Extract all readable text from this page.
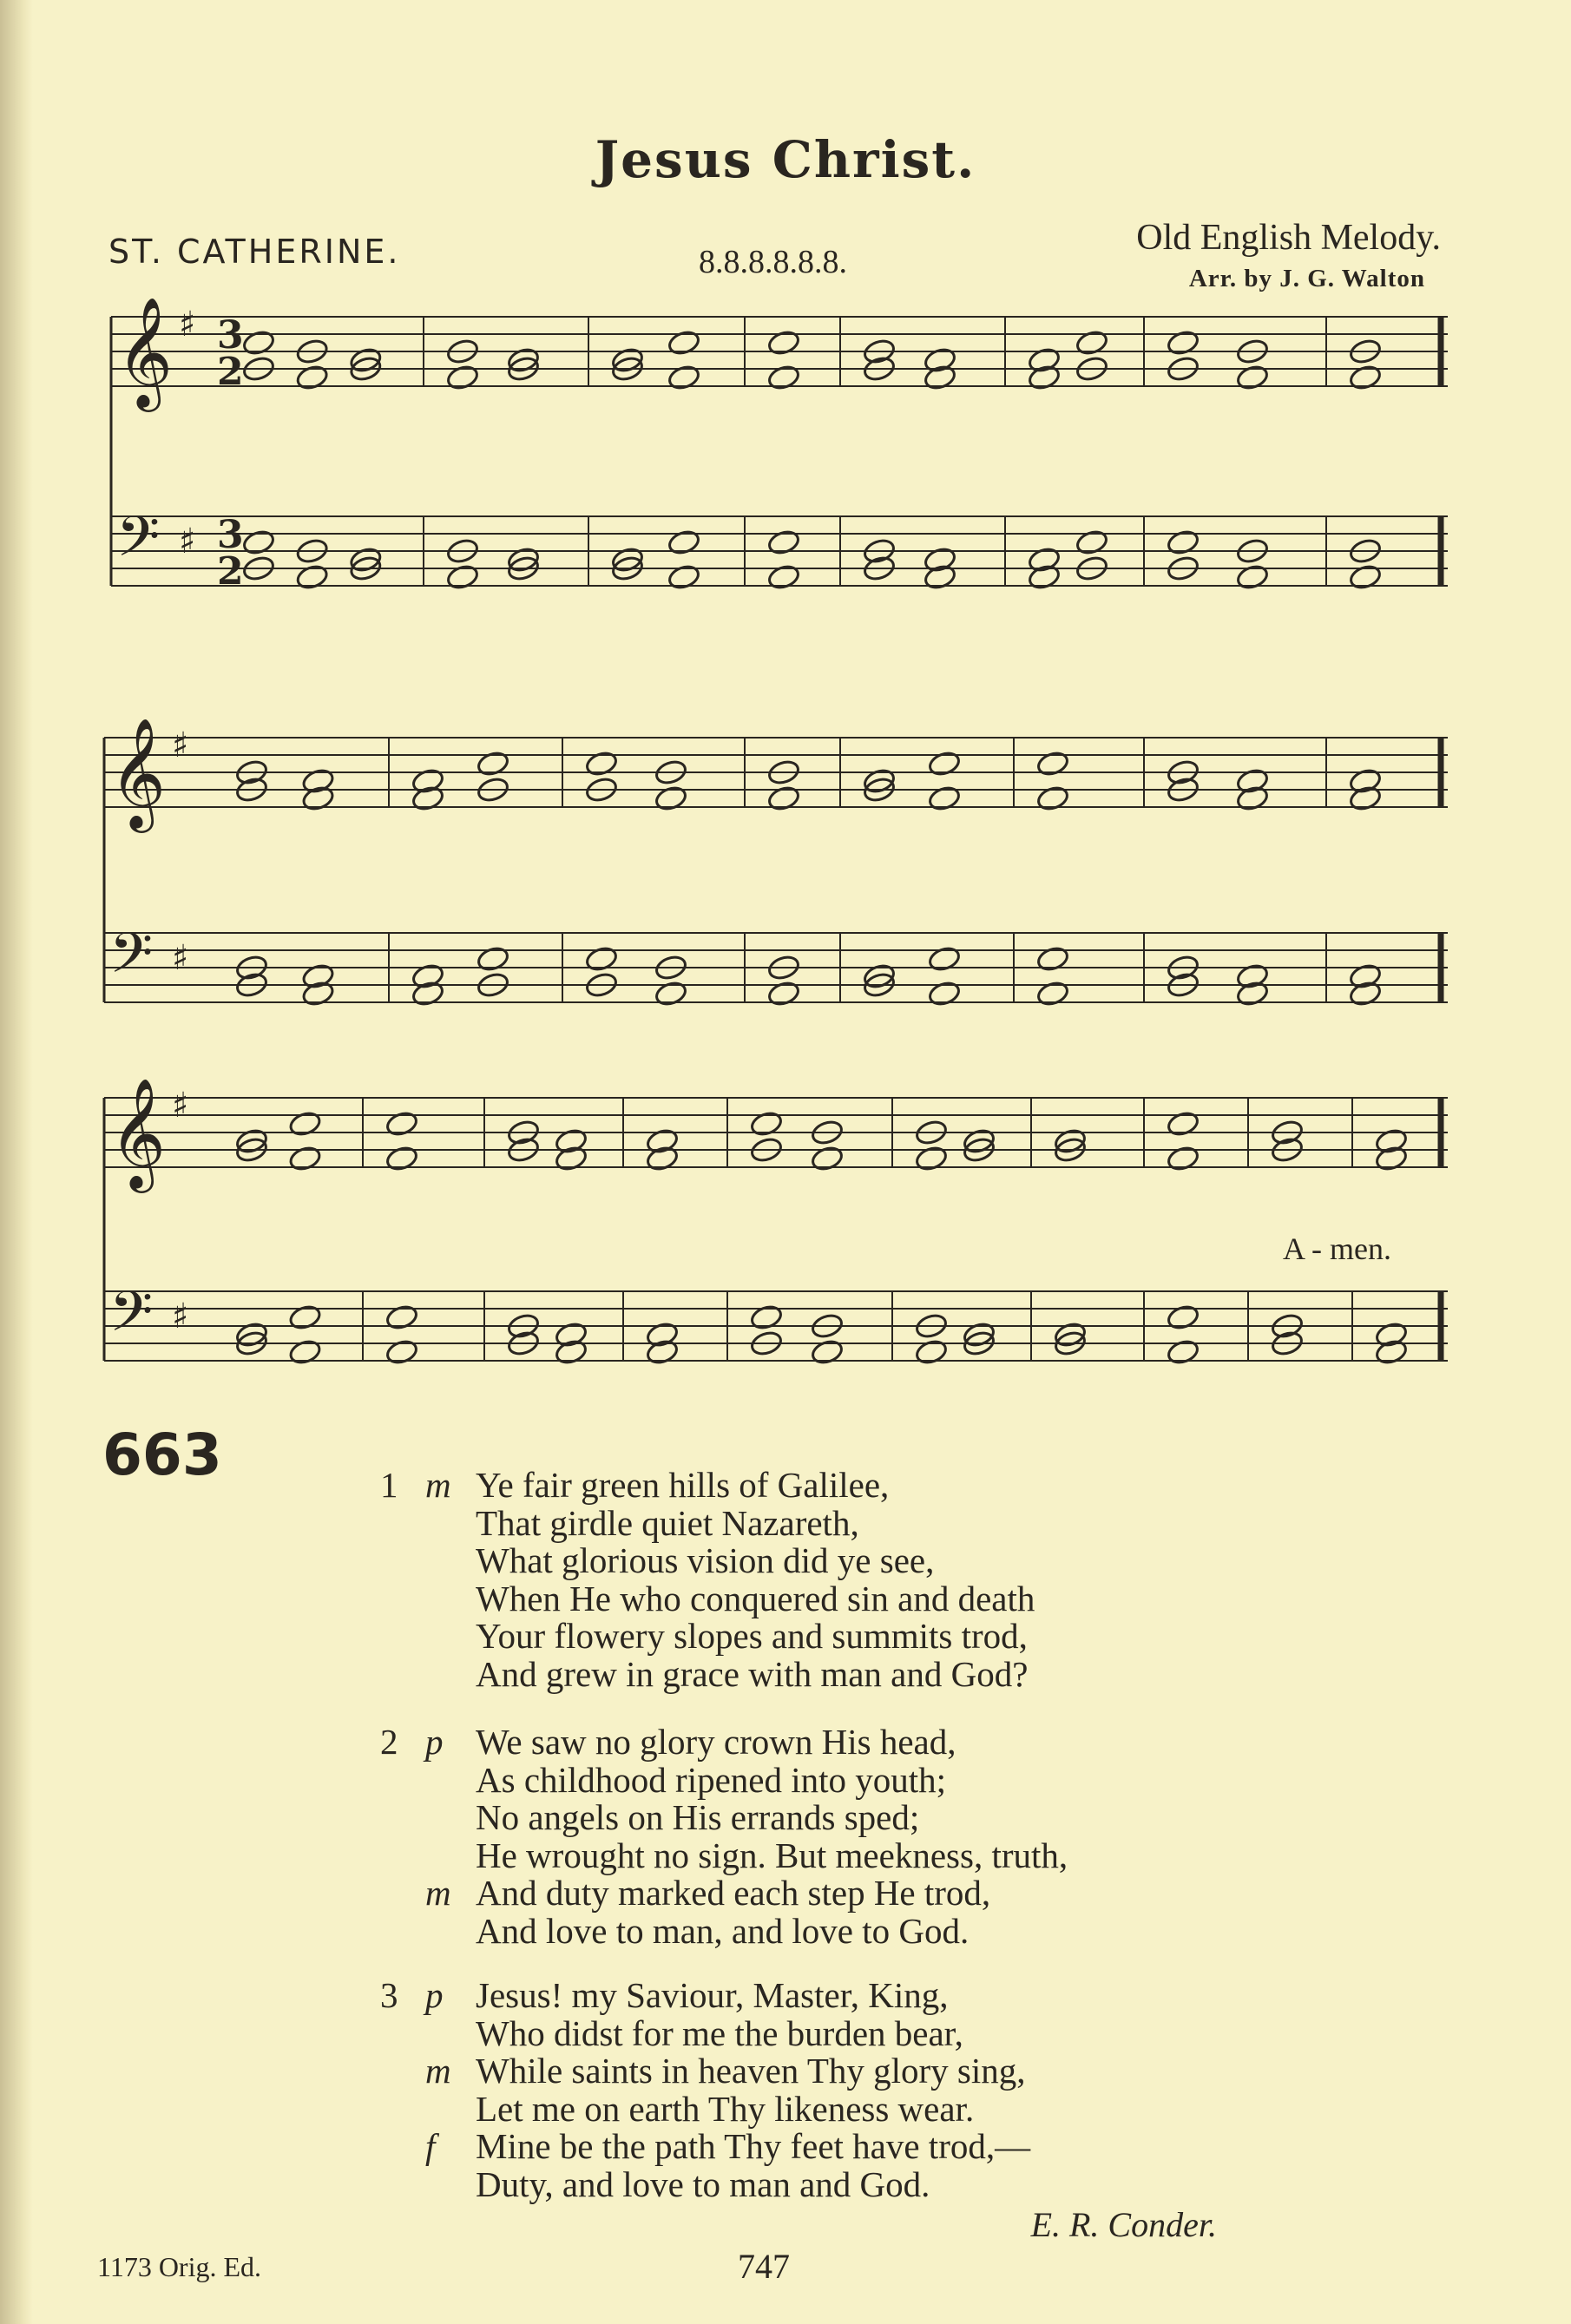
Jesus Christ.
ST. CATHERINE.	8.8.8.8.8.8.
Old English Melody.
Arr. by J. G. Walton
𝄞 ♯
𝄢 ♯
𝄞 ♯
𝄢 ♯
𝄞 ♯
𝄢 ♯
3
2
3
2
A - men.
663	1 m Ye fair green hills of Galilee,
That girdle quiet Nazareth,
What glorious vision did ye see,
When He who conquered sin and death
Your flowery slopes and summits trod,
And grew in grace with man and God?
2 p We saw no glory crown His head,
As childhood ripened into youth;
No angels on His errands sped;
He wrought no sign. But meekness, truth,
m And duty marked each step He trod,
And love to man, and love to God.
3 p Jesus! my Saviour, Master, King,
Who didst for me the burden bear,
m While saints in heaven Thy glory sing,
Let me on earth Thy likeness wear.
f	Mine be the path Thy feet have trod,—
Duty, and love to man and God.
E. R. Conder.
1173 Orig. Ed.	747
